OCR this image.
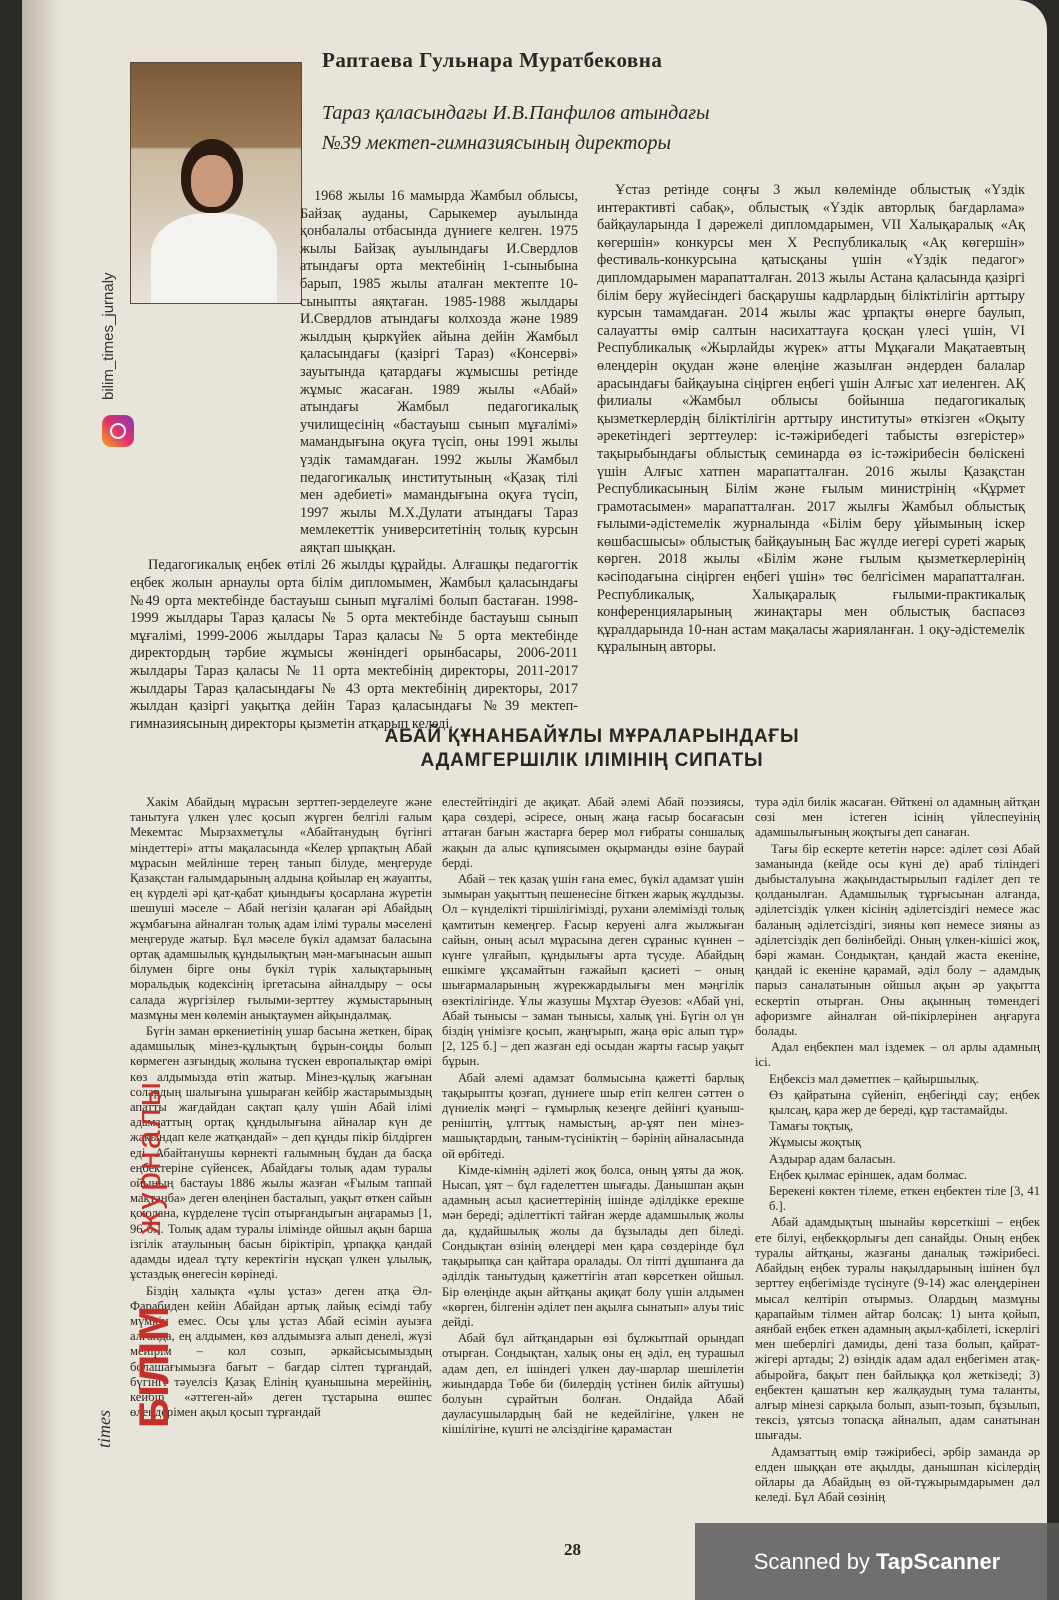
bilim_times_jurnaly
Раптаева Гульнара Муратбековна
Тараз қаласындағы И.В.Панфилов атындағы
№39 мектеп-гимназиясының директоры

1968 жылы 16 мамырда Жамбыл облысы, Байзақ ауданы, Сарыкемер ауылында қонбалалы отбасында дүниеге келген. 1975 жылы Байзақ ауылындағы И.Свердлов атындағы орта мектебінің 1-сыныбына барып, 1985 жылы аталған мектепте 10-сыныпты аяқтаған. 1985-1988 жылдары И.Свердлов атындағы колхозда және 1989 жылдың қыркүйек айына дейін Жамбыл қаласындағы (қазіргі Тараз) «Консерві» зауытында қатардағы жұмысшы ретінде жұмыс жасаған. 1989 жылы «Абай» атындағы Жамбыл педагогикалық училищесінің «бастауыш сынып мұғалімі» мамандығына оқуға түсіп, оны 1991 жылы үздік тамамдаған. 1992 жылы Жамбыл педагогикалық институтының «Қазақ тілі мен әдебиеті» мамандығына оқуға түсіп, 1997 жылы М.Х.Дулати атындағы Тараз мемлекеттік университетінің толық курсын аяқтап шыққан.

Педагогикалық еңбек өтілі 26 жылды құрайды. Алғашқы педагогтік еңбек жолын арнаулы орта білім дипломымен, Жамбыл қаласындағы №49 орта мектебінде бастауыш сынып мұғалімі болып бастаған. 1998-1999 жылдары Тараз қаласы № 5 орта мектебінде бастауыш сынып мұғалімі, 1999-2006 жылдары Тараз қаласы № 5 орта мектебінде директордың тәрбие жұмысы жөніндегі орынбасары, 2006-2011 жылдары Тараз қаласы № 11 орта мектебінің директоры, 2011-2017 жылдары Тараз қаласындағы № 43 орта мектебінің директоры, 2017 жылдан қазіргі уақытқа дейін Тараз қаласындағы №39 мектеп-гимназиясының директоры қызметін атқарып келеді.

Ұстаз ретінде соңғы 3 жыл көлемінде облыстық «Үздік интерактивті сабақ», облыстық «Үздік авторлық бағдарлама» байқауларында I дәрежелі дипломдарымен, VII Халықаралық «Ақ көгершін» конкурсы мен X Республикалық «Ақ көгершін» фестиваль-конкурсына қатысқаны үшін «Үздік педагог» дипломдарымен марапатталған. 2013 жылы Астана қаласында қазіргі білім беру жүйесіндегі басқарушы кадрлардың біліктілігін арттыру курсын тамамдаған. 2014 жылы жас ұрпақты өнерге баулып, салауатты өмір салтын насихаттауға қосқан үлесі үшін, VI Республикалық «Жырлайды жүрек» атты Мұқағали Мақатаевтың өлеңдерін оқудан және өлеңіне жазылған әндерден балалар арасындағы байқауына сіңірген еңбегі үшін Алғыс хат иеленген. АҚ филиалы «Жамбыл облысы бойынша педагогикалық қызметкерлердің біліктілігін арттыру институты» өткізген «Оқыту әрекетіндегі зерттеулер: іс-тәжірибедегі табысты өзгерістер» тақырыбындағы облыстық семинарда өз іс-тәжірибесін бөліскені үшін Алғыс хатпен марапатталған. 2016 жылы Қазақстан Республикасының Білім және ғылым министрінің «Құрмет грамотасымен» марапатталған. 2017 жылғы Жамбыл облыстық ғылыми-әдістемелік журналында «Білім беру ұйымының іскер көшбасшысы» облыстық байқауының Бас жүлде иегері суреті жарық көрген. 2018 жылы «Білім және ғылым қызметкерлерінің кәсіподағына сіңірген еңбегі үшін» төс белгісімен марапатталған. Республикалық, Халықаралық ғылыми-практикалық конференцияларының жинақтары мен облыстық баспасөз құралдарында 10-нан астам мақаласы жарияланған. 1 оқу-әдістемелік құралының авторы.

АБАЙ ҚҰНАНБАЙҰЛЫ МҰРАЛАРЫНДАҒЫ
АДАМГЕРШІЛІК ІЛІМІНІҢ СИПАТЫ

Хакім Абайдың мұрасын зерттеп-зерделеуге және танытуға үлкен үлес қосып жүрген белгілі ғалым Мекемтас Мырзахметұлы «Абайтанудың бүгінгі міндеттері» атты мақаласында «Келер ұрпақтың Абай мұрасын мейлінше терең танып білуде, меңгеруде Қазақстан ғалымдарының алдына қойылар ең жауапты, ең күрделі әрі қат-қабат қиындығы қосарлана жүретін шешуші мәселе – Абай негізін қалаған әрі Абайдың жұмбағына айналған толық адам ілімі туралы мәселені меңгеруде жатыр. Бұл мәселе бүкіл адамзат баласына ортақ адамшылық құндылықтың мән-мағынасын ашып білумен бірге оны бүкіл түрік халықтарының моральдық кодексінің іргетасына айналдыру – осы салада жүргізілер ғылыми-зерттеу жұмыстарының мазмұны мен көлемін анықтаумен айқындалмақ.

Бүгін заман өркениетінің ушар басына жеткен, бірақ адамшылық мінез-құлықтың бұрын-соңды болып көрмеген азғындық жолына түскен европалықтар өмірі көз алдымызда өтіп жатыр. Мінез-құлық жағынан солардың шалығына ұшыраған кейбір жастарымыздың апатты жағдайдан сақтап қалу үшін Абай ілімі адамзаттың ортақ құндылығына айналар күн де жақындап келе жатқандай» – деп құнды пікір білдірген еді. Абайтанушы көрнекті ғалымның бұдан да басқа еңбектеріне сүйенсек, Абайдағы толық адам туралы ойының бастауы 1886 жылы жазған «Ғылым таппай мақтанба» деген өлеңінен басталып, уақыт өткен сайын қоюлана, күрделене түсіп отырғандығын аңғарамыз [1, 96 б.]. Толық адам туралы ілімінде ойшыл ақын барша ізгілік атаулының басын біріктіріп, ұрпаққа қандай адамды идеал тұту керектігін нұсқап үлкен ұлылық, ұстаздық өнегесін көрінеді.

Біздің халықта «ұлы ұстаз» деген атқа Әл-Фарабиден кейін Абайдан артық лайық есімді табу мүмкін емес. Осы ұлы ұстаз Абай есімін ауызға алғанда, ең алдымен, көз алдымызға алып денелі, жүзі мейірім – кол созып, әркайсысымыздың болашағымызға бағыт – бағдар сілтеп тұрғандай, бүгінгі тәуелсіз Қазақ Елінің қуанышына мерейінің, кейбір «әттеген-ай» деген тұстарына өшпес өлеңдерімен ақыл қосып тұрғандай

елестейтіндігі де ақиқат. Абай әлемі Абай поэзиясы, қара сөздері, әсіресе, оның жаңа ғасыр босағасын аттаған бағын жастарға берер мол ғибраты соншалық жақын да алыс құпиясымен оқырманды өзіне баурай берді.

Абай – тек қазақ үшін ғана емес, бүкіл адамзат үшін зымыран уақыттың пешенесіне біткен жарық жұлдызы. Ол – күнделікті тіршілігімізді, рухани әлемімізді толық қамтитын кемеңгер. Ғасыр керуені алға жылжыған сайын, оның асыл мұрасына деген сұраныс күннен – күнге үлғайып, құндылығы арта түсуде. Абайдың ешкімге ұқсамайтын ғажайып қасиеті – оның шығармаларының жүрекжардылығы мен мәңгілік өзектілігінде. Ұлы жазушы Мұхтар Әуезов: «Абай үні, Абай тынысы – заман тынысы, халық үні. Бүгін ол үн біздің үнімізге қосып, жаңғырып, жаңа өріс алып тұр» [2, 125 б.] – деп жазған еді осыдан жарты ғасыр уақыт бұрын.

Абай әлемі адамзат болмысына қажетті барлық тақырыпты қозғап, дүниеге шыр етіп келген сәттен о дүниелік мәңгі – ғұмырлық кезеңге дейінгі қуаныш-реніштің, ұлттық намыстың, ар-ұят пен мінез-машықтардың, таным-түсініктің – бәрінің айналасында ой өрбітеді.

Кімде-кімнің әділеті жоқ болса, оның ұяты да жоқ. Нысап, ұят – бұл ғаделеттен шығады. Данышпан ақын адамның асыл қасиеттерінің ішінде әділдікке ерекше мән береді; әділеттікті тайған жерде адамшылық жолы да, құдайшылық жолы да бұзылады деп біледі. Сондықтан өзінің өлеңдері мен қара сөздерінде бұл тақырыпқа сан қайтара оралады. Ол тіпті дұшпанға да әділдік танытудың қажеттігін атап көрсеткен ойшыл. Бір өлеңінде ақын айтқаны ақиқат болу үшін алдымен «көрген, білгенін әділет пен ақылға сынатып» алуы тиіс дейді.

Абай бұл айтқандарын өзі бұлжытпай орындап отырған. Сондықтан, халық оны ең әділ, ең турашыл адам деп, ел ішіндегі үлкен дау-шарлар шешілетін жиындарда Төбе би (билердің үстінен билік айтушы) болуын сұрайтын болған. Ондайда Абай даулаcушылардың бай не кедейлігіне, үлкен не кішілігіне, күшті не әлсіздігіне қарамастан

тура әділ билік жасаған. Өйткені ол адамның айтқан сөзі мен істеген ісінің үйлеспеуінің адамшылығының жоқтығы деп санаған.

Тағы бір ескерте кететін нәрсе: әділет сөзі Абай заманында (кейде осы күні де) араб тіліндегі дыбысталуына жақындастырылып ғаділет деп те қолданылған. Адамшылық тұрғысынан алғанда, әділетсіздік үлкен кісінің әділетсіздігі немесе жас баланың әділетсіздігі, зияны көп немесе зияны аз әділетсіздік деп бөлінбейді. Оның үлкен-кішісі жоқ, бәрі жаман. Сондықтан, қандай жаста екеніне, қандай іс екеніне қарамай, әділ болу – адамдық парыз саналатынын ойшыл ақын әр уақытта ескертіп отырған. Оны ақынның төмендегі афоризмге айналған ой-пікірлерінен аңғаруға болады.

Адал еңбекпен мал іздемек – ол арлы адамның ісі.

Еңбексіз мал дәметпек – қайыршылық.

Өз қайратына сүйеніп, еңбегіңді сау; еңбек қылсаң, қара жер де береді, құр тастамайды.

Тамағы тоқтық,

Жұмысы жоқтық

Аздырар адам баласын.

Еңбек қылмас еріншек, адам болмас.

Берекені көктен тілеме, еткен еңбектен тіле [3, 41 б.].

Абай адамдықтың шынайы көрсеткіші – еңбек ете білуі, еңбекқорлығы деп санайды. Оның еңбек туралы айтқаны, жазғаны даналық тәжірибесі. Абайдың еңбек туралы нақылдарының ішінен бұл зерттеу еңбегімізде түсінуге (9-14) жас өлеңдерінен мысал келтіріп отырмыз. Олардың мазмұны қарапайым тілмен айтар болсақ: 1) ынта қойып, аянбай еңбек еткен адамның ақыл-қабілеті, іскерлігі мен шеберлігі дамиды, дені таза болып, қайрат-жігері артады; 2) өзіндік адам адал еңбегімен атақ-абыройға, бақыт пен байлыққа қол жеткізеді; 3) еңбектен қашатын кер жалқаудың тума таланты, алғыр мінезі сарқыла болып, азып-тозып, бұзылып, тексіз, ұятсыз топасқа айналып, адам санатынан шығады.

Адамзаттың өмір тәжірибесі, әрбір заманда әр елден шыққан өте ақылды, данышпан кісілердің ойлары да Абайдың өз ой-тұжырымдарымен дәл келеді. Бұл Абай сөзінің

журналы
БІЛІМ
times
28	Scanned by TapScanner
